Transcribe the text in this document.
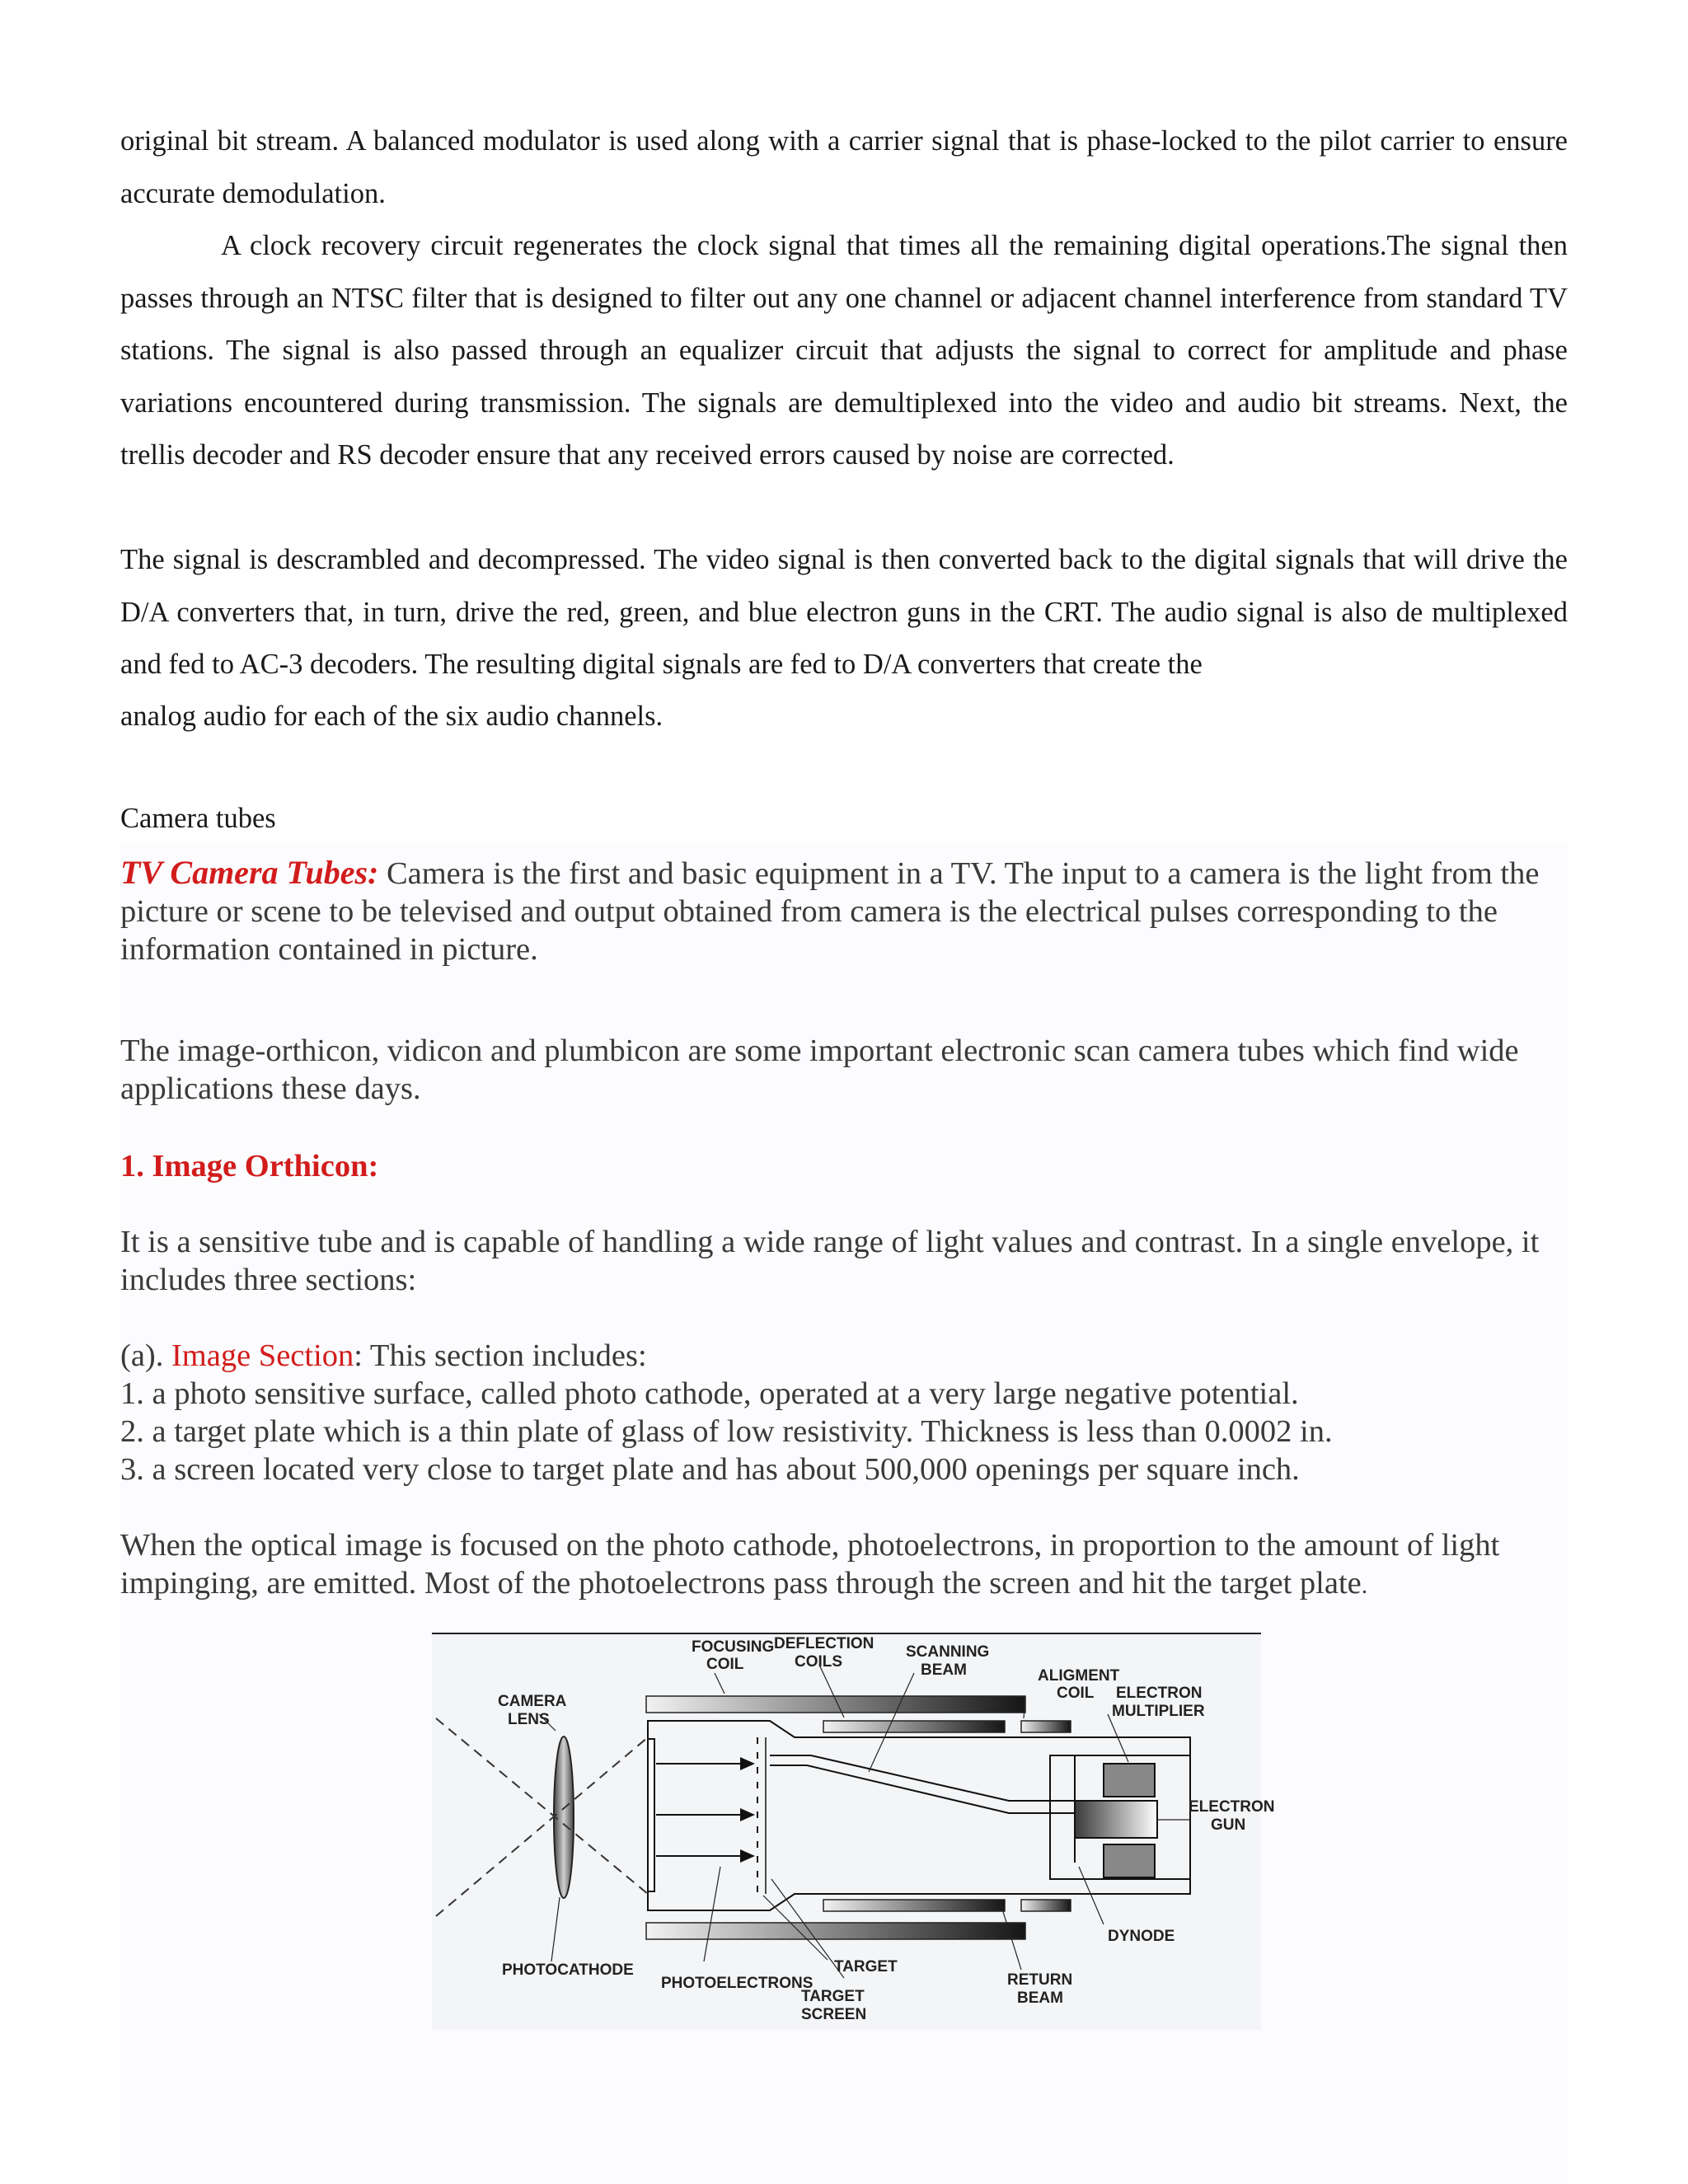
original bit stream. A balanced modulator is used along with a carrier signal that is phase-locked to the pilot carrier to ensure accurate demodulation.

A clock recovery circuit regenerates the clock signal that times all the remaining digital operations.The signal then passes through an NTSC filter that is designed to filter out any one channel or adjacent channel interference from standard TV stations. The signal is also passed through an equalizer circuit that adjusts the signal to correct for amplitude and phase variations encountered during transmission. The signals are demultiplexed into the video and audio bit streams. Next, the trellis decoder and RS decoder ensure that any received errors caused by noise are corrected.

The signal is descrambled and decompressed. The video signal is then converted back to the digital signals that will drive the D/A converters that, in turn, drive the red, green, and blue electron guns in the CRT. The audio signal is also de multiplexed and fed to AC-3 decoders. The resulting digital signals are fed to D/A converters that create the

analog audio for each of the six audio channels.

Camera tubes

TV Camera Tubes: Camera is the first and basic equipment in a TV. The input to a camera is the light from the picture or scene to be televised and output obtained from camera is the electrical pulses corresponding to the information contained in picture.

The image-orthicon, vidicon and plumbicon are some important electronic scan camera tubes which find wide applications these days.

1. Image Orthicon:

It is a sensitive tube and is capable of handling a wide range of light values and contrast. In a single envelope, it includes three sections:

(a). Image Section: This section includes:
1. a photo sensitive surface, called photo cathode, operated at a very large negative potential.
2. a target plate which is a thin plate of glass of low resistivity. Thickness is less than 0.0002 in.
3. a screen located very close to target plate and has about 500,000 openings per square inch.

When the optical image is focused on the photo cathode, photoelectrons, in proportion to the amount of light impinging, are emitted. Most of the photoelectrons pass through the screen and hit the target plate.

FOCUSING
COIL
DEFLECTION
COILS
SCANNING
BEAM	ALIGMENT
COIL ELECTRON
MULTIPLIER
CAMERA
LENS
ELECTRON
GUN
PHOTOCATHODE
PHOTOELECTRONS
TARGET
TARGET
SCREEN
RETURN
BEAM
DYNODE
